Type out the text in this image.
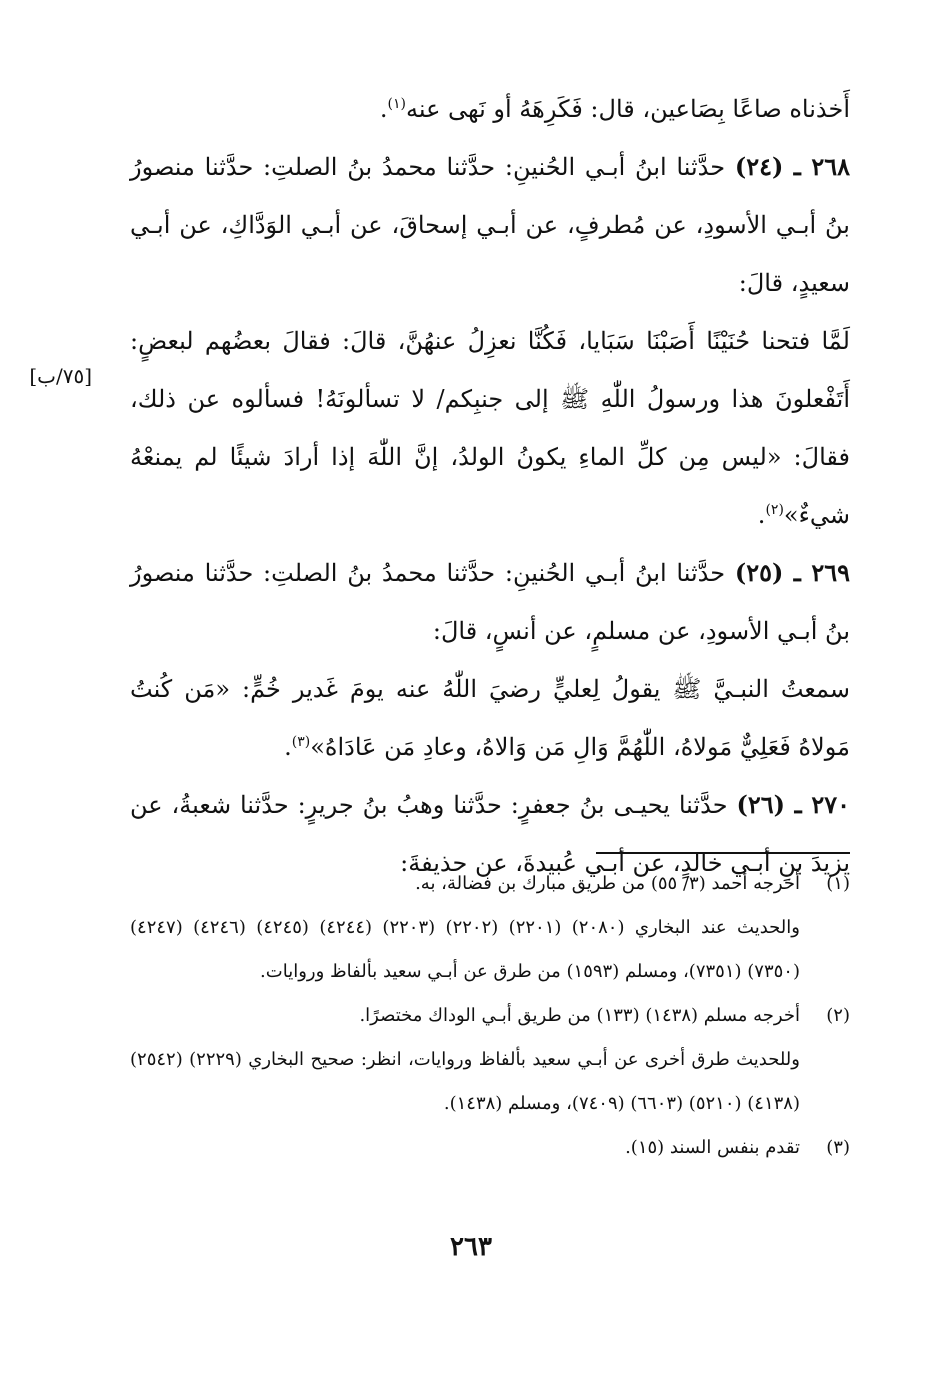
أَخذناه صاعًا بِصَاعين، قال: فَكَرِهَهُ أو نَهى عنه$^{(١)}$.

٢٦٨ ـ (٢٤) حدَّثنا ابنُ أبـي الحُنينِ: حدَّثنا محمدُ بنُ الصلتِ: حدَّثنا منصورُ بنُ أبـي الأسودِ، عن مُطرفٍ، عن أبـي إسحاقَ، عن أبـي الوَدَّاكِ، عن أبـي سعيدٍ، قالَ:

لَمَّا فتحنا حُنَيْنًا أَصَبْنَا سَبَايا، فَكُنَّا نعزِلُ عنهُنَّ، قالَ: فقالَ بعضُهم لبعضٍ: أَتَفْعلونَ هذا ورسولُ اللّٰهِ ﷺ إلى جنبِكم/ لا تسألونَهُ! فسألوه عن ذلك، فقالَ: «ليس مِن كلِّ الماءِ يكونُ الولدُ، إنَّ اللّٰهَ إذا أرادَ شيئًا لم يمنعْهُ شيءٌ»$^{(٢)}$.

٢٦٩ ـ (٢٥) حدَّثنا ابنُ أبـي الحُنينِ: حدَّثنا محمدُ بنُ الصلتِ: حدَّثنا منصورُ بنُ أبـي الأسودِ، عن مسلمٍ، عن أنسٍ، قالَ:

سمعتُ النبـيَّ ﷺ يقولُ لِعليٍّ رضيَ اللّٰهُ عنه يومَ غَدير خُمٍّ: «مَن كُنتُ مَولاهُ فَعَلِيٌّ مَولاهُ، اللّٰهُمَّ وَالِ مَن وَالاهُ، وعادِ مَن عَادَاهُ»$^{(٣)}$.

٢٧٠ ـ (٢٦) حدَّثنا يحيـى بنُ جعفرٍ: حدَّثنا وهبُ بنُ جريرٍ: حدَّثنا شعبةُ، عن يزيدَ بنِ أبـي خالدٍ، عن أبـي عُبيدةَ، عن حذيفةَ:

[٧٥/ب]
(١)

أخرجه أحمد (٣/ ٥٥) من طريق مبارك بن فضالة، به.

والحديث عند البخاري (٢٠٨٠) (٢٢٠١) (٢٢٠٢) (٢٢٠٣) (٤٢٤٤) (٤٢٤٥) (٤٢٤٦) (٤٢٤٧) (٧٣٥٠) (٧٣٥١)، ومسلم (١٥٩٣) من طرق عن أبـي سعيد بألفاظ وروايات.

(٢)

أخرجه مسلم (١٤٣٨) (١٣٣) من طريق أبـي الوداك مختصرًا.

وللحديث طرق أخرى عن أبـي سعيد بألفاظ وروايات، انظر: صحيح البخاري (٢٢٢٩) (٢٥٤٢) (٤١٣٨) (٥٢١٠) (٦٦٠٣) (٧٤٠٩)، ومسلم (١٤٣٨).

(٣)

تقدم بنفس السند (١٥).

٢٦٣
